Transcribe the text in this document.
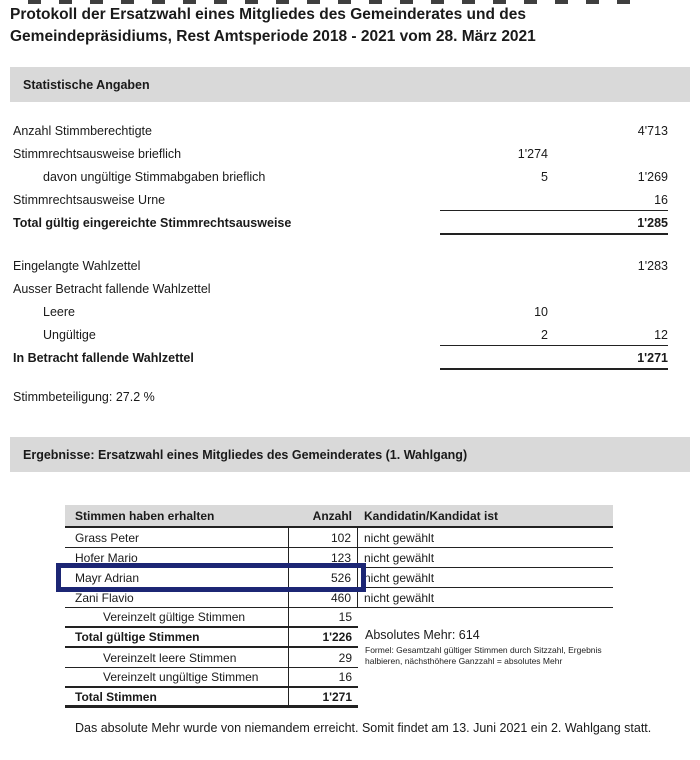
Protokoll der Ersatzwahl eines Mitgliedes des Gemeinderates und des Gemeindepräsidiums, Rest Amtsperiode 2018 - 2021 vom 28. März 2021
Statistische Angaben
Anzahl Stimmberechtigte	4'713
Stimmrechtsausweise brieflich	1'274
davon ungültige Stimmabgaben brieflich	5	1'269
Stimmrechtsausweise Urne	16
Total gültig eingereichte Stimmrechtsausweise	1'285
Eingelangte Wahlzettel	1'283
Ausser Betracht fallende Wahlzettel
Leere	10
Ungültige	2	12
In Betracht fallende Wahlzettel	1'271
Stimmbeteiligung: 27.2 %
Ergebnisse: Ersatzwahl eines Mitgliedes des Gemeinderates (1. Wahlgang)
Stimmen haben erhalten	Anzahl	Kandidatin/Kandidat ist
Grass Peter	102	nicht gewählt
Hofer Mario	123	nicht gewählt
Mayr Adrian	526	nicht gewählt
Zani Flavio	460	nicht gewählt
Vereinzelt gültige Stimmen	15
Total gültige Stimmen	1'226
Vereinzelt leere Stimmen	29
Vereinzelt ungültige Stimmen	16
Total Stimmen	1'271
Absolutes Mehr: 614
Formel: Gesamtzahl gültiger Stimmen durch Sitzzahl, Ergebnis halbieren, nächsthöhere Ganzzahl = absolutes Mehr
Das absolute Mehr wurde von niemandem erreicht. Somit findet am 13. Juni 2021 ein 2. Wahlgang statt.
